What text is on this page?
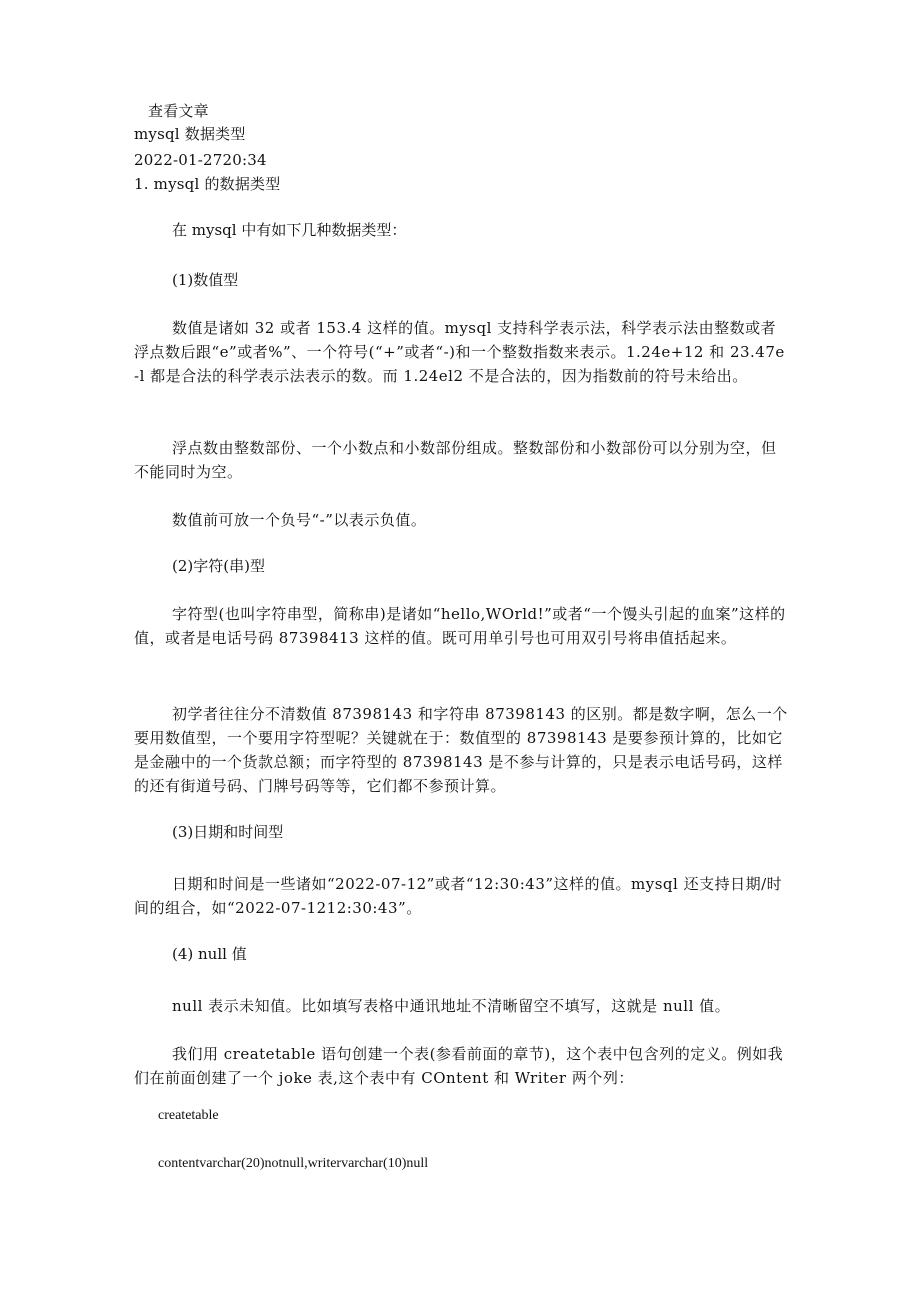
查看文章
mysql 数据类型
2022-01-2720:34
1. mysql 的数据类型
在 mysql 中有如下几种数据类型：
(1)数值型
数值是诸如 32 或者 153.4 这样的值。mysql 支持科学表示法，科学表示法由整数或者浮点数后跟“e”或者%”、一个符号(“+”或者“-)和一个整数指数来表示。1.24e+12 和 23.47e-l 都是合法的科学表示法表示的数。而 1.24el2 不是合法的，因为指数前的符号未给出。
浮点数由整数部份、一个小数点和小数部份组成。整数部份和小数部份可以分别为空，但不能同时为空。
数值前可放一个负号“-”以表示负值。
(2)字符(串)型
字符型(也叫字符串型，简称串)是诸如“hello,WOrld!”或者“一个馒头引起的血案”这样的值，或者是电话号码 87398413 这样的值。既可用单引号也可用双引号将串值括起来。
初学者往往分不清数值 87398143 和字符串 87398143 的区别。都是数字啊，怎么一个要用数值型，一个要用字符型呢？关键就在于：数值型的 87398143 是要参预计算的，比如它是金融中的一个货款总额；而字符型的 87398143 是不参与计算的，只是表示电话号码，这样的还有街道号码、门牌号码等等，它们都不参预计算。
(3)日期和时间型
日期和时间是一些诸如“2022-07-12”或者“12:30:43”这样的值。mysql 还支持日期/时间的组合，如“2022-07-1212:30:43”。
(4) null 值
null 表示未知值。比如填写表格中通讯地址不清晰留空不填写，这就是 null 值。
我们用 createtable 语句创建一个表(参看前面的章节)，这个表中包含列的定义。例如我们在前面创建了一个 joke 表,这个表中有 COntent 和 Writer 两个列：
createtable
contentvarchar(20)notnull,writervarchar(10)null
